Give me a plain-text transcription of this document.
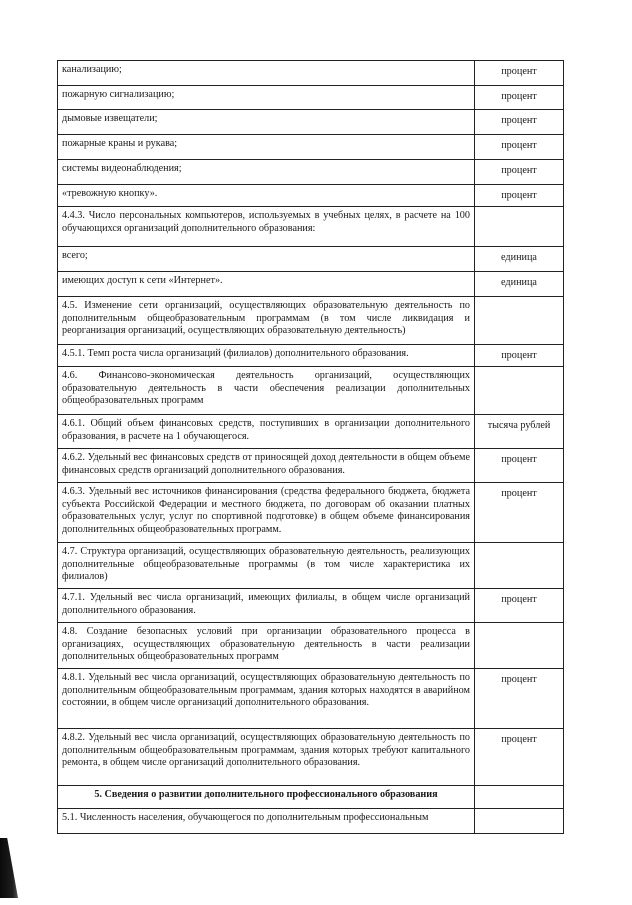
канализацию;	процент
пожарную сигнализацию;	процент
дымовые извещатели;	процент
пожарные краны и рукава;	процент
системы видеонаблюдения;	процент
«тревожную кнопку».	процент
4.4.3. Число персональных компьютеров, используемых в учебных целях, в расчете на 100 обучающихся организаций дополнительного образования:	
всего;	единица
имеющих доступ к сети «Интернет».	единица
4.5. Изменение сети организаций, осуществляющих образовательную деятельность по дополнительным общеобразовательным программам (в том числе ликвидация и реорганизация организаций, осуществляющих образовательную деятельность)	
4.5.1. Темп роста числа организаций (филиалов) дополнительного образования.	процент
4.6. Финансово-экономическая деятельность организаций, осуществляющих образовательную деятельность в части обеспечения реализации дополнительных общеобразовательных программ	
4.6.1. Общий объем финансовых средств, поступивших в организации дополнительного образования, в расчете на 1 обучающегося.	тысяча рублей
4.6.2. Удельный вес финансовых средств от приносящей доход деятельности в общем объеме финансовых средств организаций дополнительного образования.	процент
4.6.3. Удельный вес источников финансирования (средства федерального бюджета, бюджета субъекта Российской Федерации и местного бюджета, по договорам об оказании платных образовательных услуг, услуг по спортивной подготовке) в общем объеме финансирования дополнительных общеобразовательных программ.	процент
4.7. Структура организаций, осуществляющих образовательную деятельность, реализующих дополнительные общеобразовательные программы (в том числе характеристика их филиалов)	
4.7.1. Удельный вес числа организаций, имеющих филиалы, в общем числе организаций дополнительного образования.	процент
4.8. Создание безопасных условий при организации образовательного процесса в организациях, осуществляющих образовательную деятельность в части реализации дополнительных общеобразовательных программ	
4.8.1. Удельный вес числа организаций, осуществляющих образовательную деятельность по дополнительным общеобразовательным программам, здания которых находятся в аварийном состоянии, в общем числе организаций дополнительного образования.	процент
4.8.2. Удельный вес числа организаций, осуществляющих образовательную деятельность по дополнительным общеобразовательным программам, здания которых требуют капитального ремонта, в общем числе организаций дополнительного образования.	процент
5. Сведения о развитии дополнительного профессионального образования	
5.1. Численность населения, обучающегося по дополнительным профессиональным	
